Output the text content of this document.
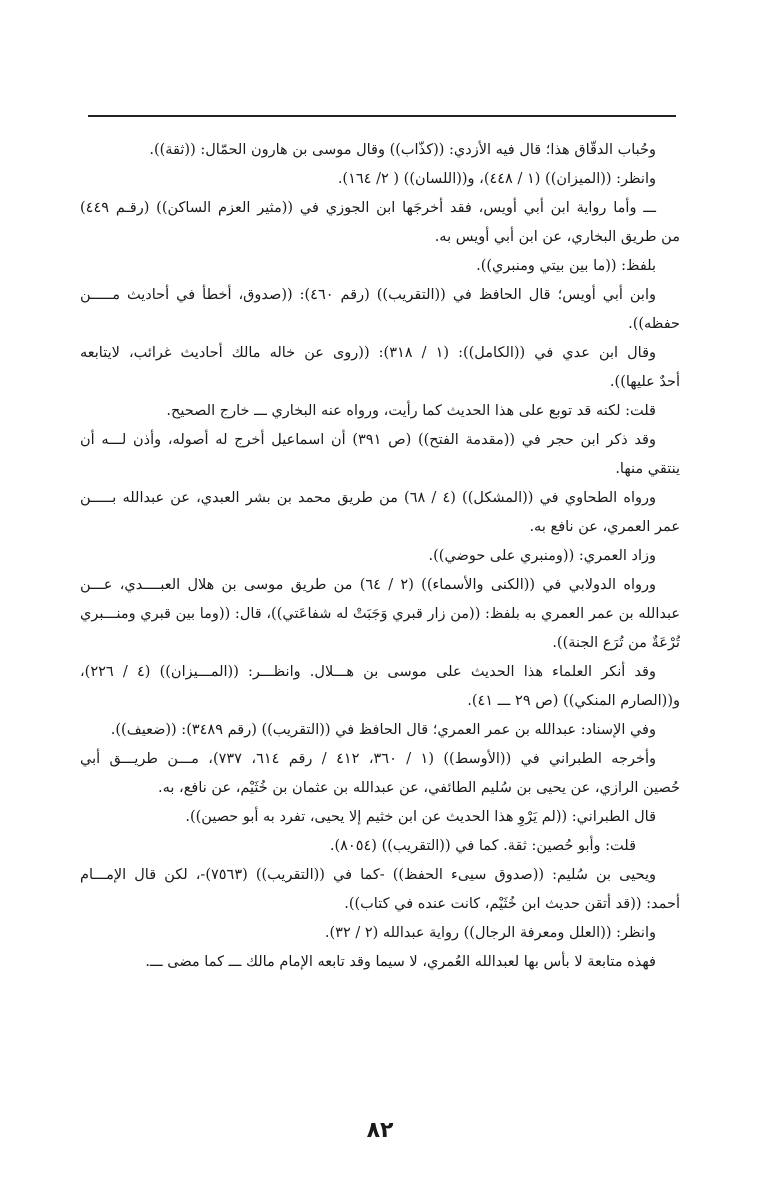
وحُباب الدقّاق هذا؛ قال فيه الأزدي: ((كذّاب)) وقال موسى بن هارون الحمّال: ((ثقة)).
وانظر: ((الميزان)) (١ / ٤٤٨)، و((اللسان)) ( ٢/ ١٦٤).
ـــ وأما رواية ابن أبي أويس، فقد أخرجَها ابن الجوزي في ((مثير العزم الساكن)) (رقـم ٤٤٩)
من طريق البخاري، عن ابن أبي أويس به.
بلفظ: ((ما بين بيتي ومنبري)).
وابن أبي أويس؛ قال الحافظ في ((التقريب)) (رقم ٤٦٠): ((صدوق، أخطأ في أحاديث مـــــن
حفظه)).
وقال ابن عدي في ((الكامل)): (١ / ٣١٨): ((روى عن خاله مالك أحاديث غرائب، لايتابعه
أحدٌ عليها)).
قلت: لكنه قد توبع على هذا الحديث كما رأيت، ورواه عنه البخاري ـــ خارج الصحيح.
وقد ذكر ابن حجر في ((مقدمة الفتح)) (ص ٣٩١) أن اسماعيل أخرج له أصوله، وأذن لـــه أن
ينتقي منها.
ورواه الطحاوي في ((المشكل)) (٤ / ٦٨) من طريق محمد بن بشر العبدي، عن عبدالله بـــــن
عمر العمري، عن نافع به.
وزاد العمري: ((ومنبري على حوضي)).
ورواه الدولابي في ((الكنى والأسماء)) (٢ / ٦٤) من طريق موسى بن هلال العبــــدي، عـــن
عبدالله بن عمر العمري به بلفظ: ((من زار قبري وَجَبَتْ له شفاعَتي))، قال: ((وما بين قبري ومنـــبري
تُرْعَةٌ من تُرَع الجنة)).
وقد أنكر العلماء هذا الحديث على موسى بن هـــلال. وانظـــر: ((المـــيزان)) (٤ / ٢٢٦)،
و((الصارم المنكي)) (ص ٢٩ ـــ ٤١).
وفي الإسناد: عبدالله بن عمر العمري؛ قال الحافظ في ((التقريب)) (رقم ٣٤٨٩): ((ضعيف)).
وأخرجه الطبراني في ((الأوسط)) (١ / ٣٦٠، ٤١٢ / رقم ٦١٤، ٧٣٧)، مـــن طريـــق أبي
حُصين الرازي، عن يحيى بن سُليم الطائفي، عن عبدالله بن عثمان بن خُثَيْم، عن نافع، به.
قال الطبراني: ((لم يَرْوِ هذا الحديث عن ابن خثيم إلا يحيى، تفرد به أبو حصين)).
قلت: وأبو حُصين: ثقة. كما في ((التقريب)) (٨٠٥٤).
ويحيى بن سُليم: ((صدوق سيىء الحفظ)) -كما في ((التقريب)) (٧٥٦٣)-، لكن قال الإمـــام
أحمد: ((قد أتقن حديث ابن خُثَيْم، كانت عنده في كتاب)).
وانظر: ((العلل ومعرفة الرجال)) رواية عبدالله (٢ / ٣٢).
فهذه متابعة لا بأس بها لعبدالله العُمري، لا سيما وقد تابعه الإمام مالك ـــ كما مضى ـــ.
٨٢
